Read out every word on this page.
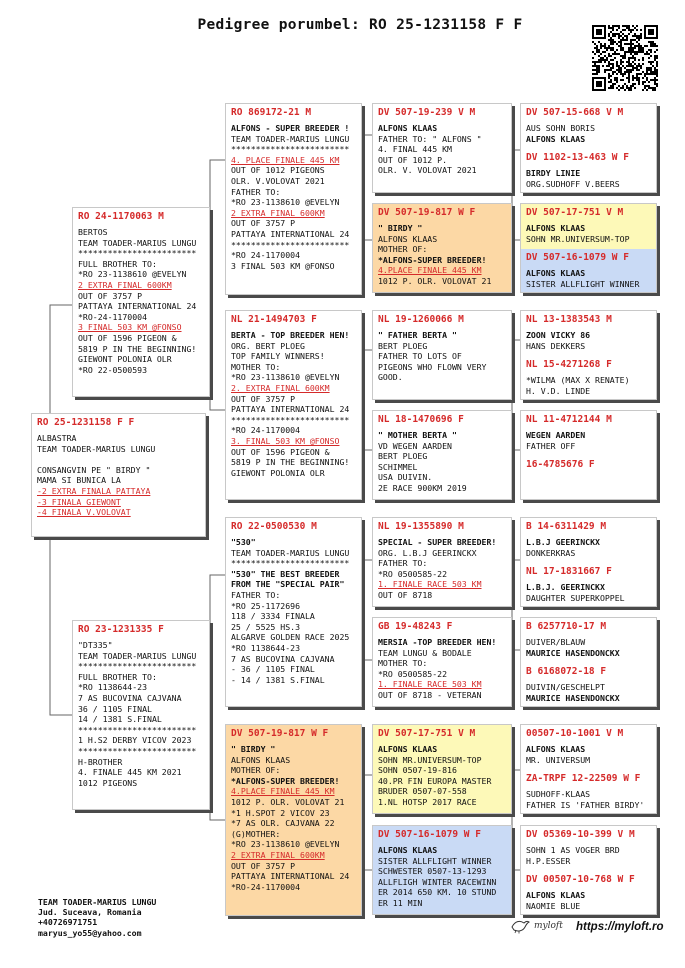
Pedigree porumbel: RO 25-1231158 F F
RO 25-1231158 F F
ALBASTRA
TEAM TOADER-MARIUS LUNGU

CONSANGVIN PE " BIRDY "
MAMA SI BUNICA LA
-2 EXTRA FINALA PATTAYA
-3 FINALA GIEWONT
-4 FINALA V.VOLOVAT
RO 24-1170063 M
BERTOS
TEAM TOADER-MARIUS LUNGU
************************
FULL BROTHER TO:
*RO 23-1138610 @EVELYN
2 EXTRA FINAL 600KM
OUT OF 3757 P
PATTAYA INTERNATIONAL 24
*RO-24-1170004
3 FINAL 503 KM @FONSO
OUT OF 1596 PIGEON &
5819 P IN THE BEGINNING!
GIEWONT POLONIA OLR
*RO 22-0500593
RO 23-1231335 F
"DT335"
TEAM TOADER-MARIUS LUNGU
************************
FULL BROTHER TO:
*RO 1138644-23
7 AS BUCOVINA CAJVANA
36 / 1105 FINAL
14 / 1381 S.FINAL
************************
1 H.S2 DERBY VICOV 2023
************************
H-BROTHER
4. FINALE 445 KM 2021
1012 PIGEONS
RO 869172-21 M
ALFONS - SUPER BREEDER !
TEAM TOADER-MARIUS LUNGU
************************
4. PLACE FINALE 445 KM
OUT OF 1012 PIGEONS
OLR. V.VOLOVAT 2021
FATHER TO:
*RO 23-1138610 @EVELYN
2 EXTRA FINAL 600KM
OUT OF 3757 P
PATTAYA INTERNATIONAL 24
************************
*RO 24-1170004
3 FINAL 503 KM @FONSO
NL 21-1494703 F
BERTA - TOP BREEDER HEN!
ORG. BERT PLOEG
TOP FAMILY WINNERS!
MOTHER TO:
*RO 23-1138610 @EVELYN
2. EXTRA FINAL 600KM
OUT OF 3757 P
PATTAYA INTERNATIONAL 24
************************
*RO 24-1170004
3. FINAL 503 KM @FONSO
OUT OF 1596 PIGEON &
5819 P IN THE BEGINNING!
GIEWONT POLONIA OLR
RO 22-0500530 M
"530"
TEAM TOADER-MARIUS LUNGU
************************
"530" THE BEST BREEDER
FROM THE "SPECIAL PAIR"
FATHER TO:
*RO 25-1172696
118 / 3334 FINALA
25 / 5525 HS.3
ALGARVE GOLDEN RACE 2025
*RO 1138644-23
7 AS BUCOVINA CAJVANA
- 36 / 1105 FINAL
- 14 / 1381 S.FINAL
DV 507-19-817 W F
" BIRDY "
ALFONS KLAAS
MOTHER OF:
*ALFONS-SUPER BREEDER!
4.PLACE FINALE 445 KM
1012 P. OLR. VOLOVAT 21
*1 H.SPOT 2 VICOV 23
*7 AS OLR. CAJVANA 22
(G)MOTHER:
*RO 23-1138610 @EVELYN
2 EXTRA FINAL 600KM
OUT OF 3757 P
PATTAYA INTERNATIONAL 24
*RO-24-1170004
DV 507-19-239 V M
ALFONS KLAAS
FATHER TO: " ALFONS "
4. FINAL 445 KM
OUT OF 1012 P.
OLR. V. VOLOVAT 2021
DV 507-19-817 W F
" BIRDY "
ALFONS KLAAS
MOTHER OF:
*ALFONS-SUPER BREEDER!
4.PLACE FINALE 445 KM
1012 P. OLR. VOLOVAT 21
NL 19-1260066 M
" FATHER BERTA "
BERT PLOEG
FATHER TO LOTS OF
PIGEONS WHO FLOWN VERY
GOOD.
NL 18-1470696 F
" MOTHER BERTA "
VD WEGEN AARDEN
BERT PLOEG
SCHIMMEL
USA DUIVIN.
2E RACE 900KM 2019
NL 19-1355890 M
SPECIAL - SUPER BREEDER!
ORG. L.B.J GEERINCKX
FATHER TO:
*RO 0500585-22
1. FINALE RACE 503 KM
OUT OF 8718
GB 19-48243 F
MERSIA -TOP BREEDER HEN!
TEAM LUNGU & BODALE
MOTHER TO:
*RO 0500585-22
1. FINALE RACE 503 KM
OUT OF 8718 - VETERAN
DV 507-17-751 V M
ALFONS KLAAS
SOHN MR.UNIVERSUM-TOP
SOHN 0507-19-816
40.PR FIN EUROPA MASTER
BRUDER 0507-07-558
1.NL HOTSP 2017 RACE
DV 507-16-1079 W F
ALFONS KLAAS
SISTER ALLFLIGHT WINNER
SCHWESTER 0507-13-1293
ALLFLIGH WINTER RACEWINN
ER 2014 650 KM. 10 STUND
ER 11 MIN
DV 507-15-668 V M
AUS SOHN BORIS
ALFONS KLAAS
DV 1102-13-463 W F
BIRDY LINIE
ORG.SUDHOFF V.BEERS
DV 507-17-751 V M
ALFONS KLAAS
SOHN MR.UNIVERSUM-TOP
DV 507-16-1079 W F
ALFONS KLAAS
SISTER ALLFLIGHT WINNER
NL 13-1383543 M
ZOON VICKY 86
HANS DEKKERS
NL 15-4271268 F
*WILMA (MAX X RENATE)
H. V.D. LINDE
NL 11-4712144 M
WEGEN AARDEN
FATHER OFF
16-4785676 F
B 14-6311429 M
L.B.J GEERINCKX
DONKERKRAS
NL 17-1831667 F
L.B.J. GEERINCKX
DAUGHTER SUPERKOPPEL
B 6257710-17 M
DUIVER/BLAUW
MAURICE HASENDONCKX
B 6168072-18 F
DUIVIN/GESCHELPT
MAURICE HASENDONCKX
00507-10-1001 V M
ALFONS KLAAS
MR. UNIVERSUM
ZA-TRPF 12-22509 W F
SUDHOFF-KLAAS
FATHER IS 'FATHER BIRDY'
DV 05369-10-399 V M
SOHN 1 AS VOGER BRD
H.P.ESSER
DV 00507-10-768 W F
ALFONS KLAAS
NAOMIE BLUE
TEAM TOADER-MARIUS LUNGU
Jud. Suceava, Romania
+40726971751
maryus_yo55@yahoo.com
myloft https://myloft.ro
